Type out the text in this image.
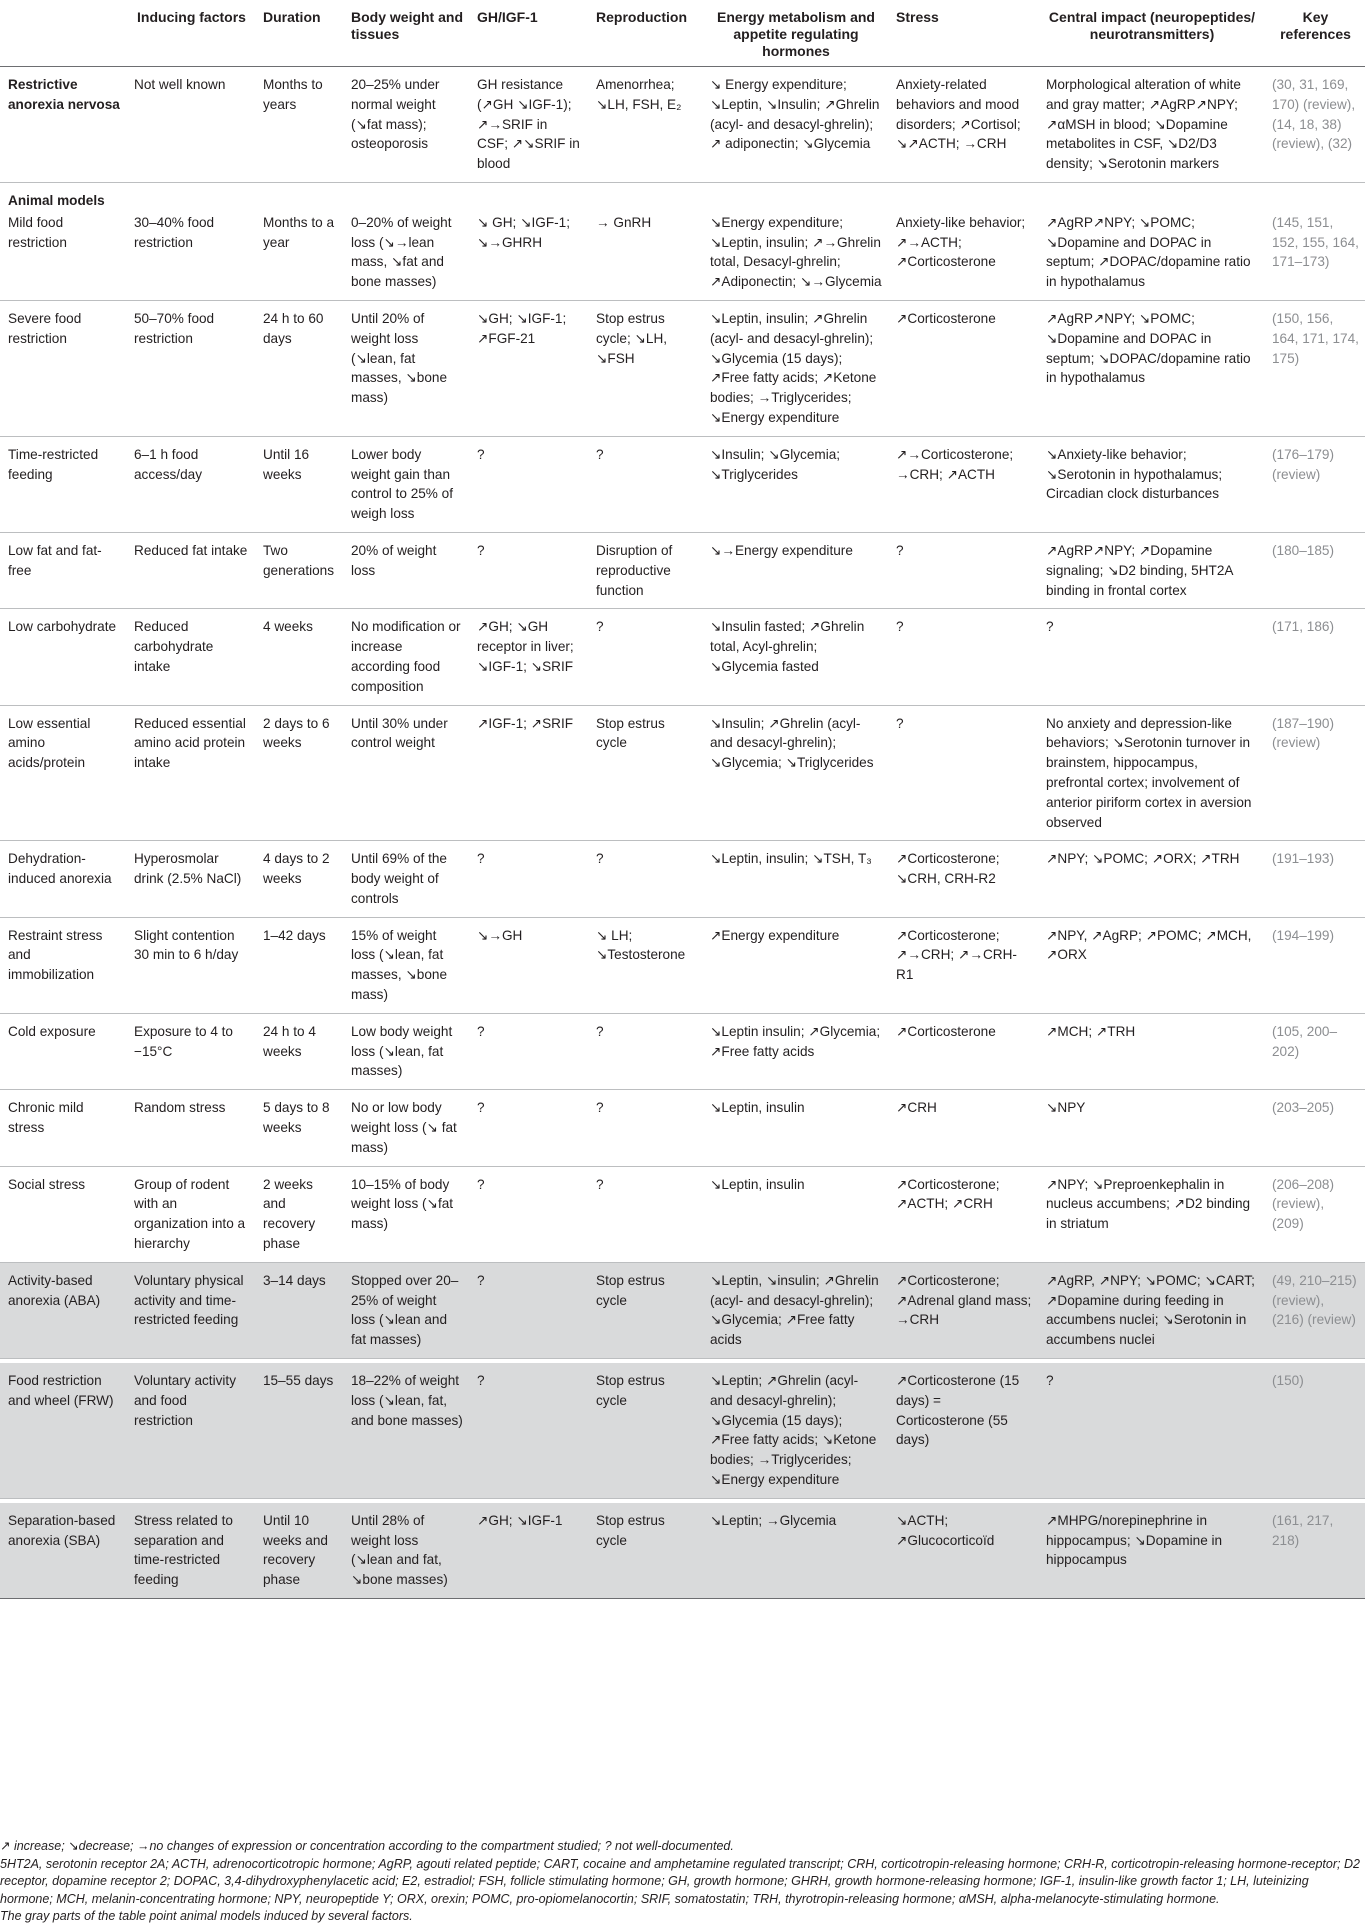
	Inducing factors	Duration	Body weight and tissues	GH/IGF-1	Reproduction	Energy metabolism and appetite regulating hormones	Stress	Central impact (neuropeptides/ neurotransmitters)	Key references
Restrictive anorexia nervosa	Not well known	Months to years	20–25% under normal weight (↘fat mass); osteoporosis	GH resistance (↗GH ↘IGF-1); ↗→SRIF in CSF; ↗↘SRIF in blood	Amenorrhea; ↘LH, FSH, E₂	↘ Energy expenditure; ↘Leptin, ↘Insulin; ↗Ghrelin (acyl- and desacyl-ghrelin); ↗ adiponectin; ↘Glycemia	Anxiety-related behaviors and mood disorders; ↗Cortisol; ↘↗ACTH; →CRH	Morphological alteration of white and gray matter; ↗AgRP↗NPY; ↗αMSH in blood; ↘Dopamine metabolites in CSF, ↘D2/D3 density; ↘Serotonin markers	(30, 31, 169, 170) (review), (14, 18, 38) (review), (32)
Animal models									
Mild food restriction	30–40% food restriction	Months to a year	0–20% of weight loss (↘→lean mass, ↘fat and bone masses)	↘ GH; ↘IGF-1; ↘→GHRH	→ GnRH	↘Energy expenditure; ↘Leptin, insulin; ↗→Ghrelin total, Desacyl-ghrelin; ↗Adiponectin; ↘→Glycemia	Anxiety-like behavior; ↗→ACTH; ↗Corticosterone	↗AgRP↗NPY; ↘POMC; ↘Dopamine and DOPAC in septum; ↗DOPAC/dopamine ratio in hypothalamus	(145, 151, 152, 155, 164, 171–173)
Severe food restriction	50–70% food restriction	24 h to 60 days	Until 20% of weight loss (↘lean, fat masses, ↘bone mass)	↘GH; ↘IGF-1; ↗FGF-21	Stop estrus cycle; ↘LH, ↘FSH	↘Leptin, insulin; ↗Ghrelin (acyl- and desacyl-ghrelin); ↘Glycemia (15 days); ↗Free fatty acids; ↗Ketone bodies; →Triglycerides; ↘Energy expenditure	↗Corticosterone	↗AgRP↗NPY; ↘POMC; ↘Dopamine and DOPAC in septum; ↘DOPAC/dopamine ratio in hypothalamus	(150, 156, 164, 171, 174, 175)
Time-restricted feeding	6–1 h food access/day	Until 16 weeks	Lower body weight gain than control to 25% of weigh loss	?	?	↘Insulin; ↘Glycemia; ↘Triglycerides	↗→Corticosterone; →CRH; ↗ACTH	↘Anxiety-like behavior; ↘Serotonin in hypothalamus; Circadian clock disturbances	(176–179) (review)
Low fat and fat-free	Reduced fat intake	Two generations	20% of weight loss	?	Disruption of reproductive function	↘→Energy expenditure	?	↗AgRP↗NPY; ↗Dopamine signaling; ↘D2 binding, 5HT2A binding in frontal cortex	(180–185)
Low carbohydrate	Reduced carbohydrate intake	4 weeks	No modification or increase according food composition	↗GH; ↘GH receptor in liver; ↘IGF-1; ↘SRIF	?	↘Insulin fasted; ↗Ghrelin total, Acyl-ghrelin; ↘Glycemia fasted	?	?	(171, 186)
Low essential amino acids/protein	Reduced essential amino acid protein intake	2 days to 6 weeks	Until 30% under control weight	↗IGF-1; ↗SRIF	Stop estrus cycle	↘Insulin; ↗Ghrelin (acyl- and desacyl-ghrelin); ↘Glycemia; ↘Triglycerides	?	No anxiety and depression-like behaviors; ↘Serotonin turnover in brainstem, hippocampus, prefrontal cortex; involvement of anterior piriform cortex in aversion observed	(187–190) (review)
Dehydration-induced anorexia	Hyperosmolar drink (2.5% NaCl)	4 days to 2 weeks	Until 69% of the body weight of controls	?	?	↘Leptin, insulin; ↘TSH, T₃	↗Corticosterone; ↘CRH, CRH-R2	↗NPY; ↘POMC; ↗ORX; ↗TRH	(191–193)
Restraint stress and immobilization	Slight contention 30 min to 6 h/day	1–42 days	15% of weight loss (↘lean, fat masses, ↘bone mass)	↘→GH	↘ LH; ↘Testosterone	↗Energy expenditure	↗Corticosterone; ↗→CRH; ↗→CRH-R1	↗NPY, ↗AgRP; ↗POMC; ↗MCH, ↗ORX	(194–199)
Cold exposure	Exposure to 4 to −15°C	24 h to 4 weeks	Low body weight loss (↘lean, fat masses)	?	?	↘Leptin insulin; ↗Glycemia; ↗Free fatty acids	↗Corticosterone	↗MCH; ↗TRH	(105, 200–202)
Chronic mild stress	Random stress	5 days to 8 weeks	No or low body weight loss (↘ fat mass)	?	?	↘Leptin, insulin	↗CRH	↘NPY	(203–205)
Social stress	Group of rodent with an organization into a hierarchy	2 weeks and recovery phase	10–15% of body weight loss (↘fat mass)	?	?	↘Leptin, insulin	↗Corticosterone; ↗ACTH; ↗CRH	↗NPY; ↘Preproenkephalin in nucleus accumbens; ↗D2 binding in striatum	(206–208) (review), (209)
Activity-based anorexia (ABA)	Voluntary physical activity and time-restricted feeding	3–14 days	Stopped over 20–25% of weight loss (↘lean and fat masses)	?	Stop estrus cycle	↘Leptin, ↘insulin; ↗Ghrelin (acyl- and desacyl-ghrelin); ↘Glycemia; ↗Free fatty acids	↗Corticosterone; ↗Adrenal gland mass; →CRH	↗AgRP, ↗NPY; ↘POMC; ↘CART; ↗Dopamine during feeding in accumbens nuclei; ↘Serotonin in accumbens nuclei	(49, 210–215) (review), (216) (review)

Food restriction and wheel (FRW)	Voluntary activity and food restriction	15–55 days	18–22% of weight loss (↘lean, fat, and bone masses)	?	Stop estrus cycle	↘Leptin; ↗Ghrelin (acyl- and desacyl-ghrelin); ↘Glycemia (15 days); ↗Free fatty acids; ↘Ketone bodies; →Triglycerides; ↘Energy expenditure	↗Corticosterone (15 days) = Corticosterone (55 days)	?	(150)

Separation-based anorexia (SBA)	Stress related to separation and time-restricted feeding	Until 10 weeks and recovery phase	Until 28% of weight loss (↘lean and fat, ↘bone masses)	↗GH; ↘IGF-1	Stop estrus cycle	↘Leptin; →Glycemia	↘ACTH; ↗Glucocorticoïd	↗MHPG/norepinephrine in hippocampus; ↘Dopamine in hippocampus	(161, 217, 218)
↗ increase; ↘decrease; →no changes of expression or concentration according to the compartment studied; ? not well-documented.
5HT2A, serotonin receptor 2A; ACTH, adrenocorticotropic hormone; AgRP, agouti related peptide; CART, cocaine and amphetamine regulated transcript; CRH, corticotropin-releasing hormone; CRH-R, corticotropin-releasing hormone-receptor; D2 receptor, dopamine receptor 2; DOPAC, 3,4-dihydroxyphenylacetic acid; E2, estradiol; FSH, follicle stimulating hormone; GH, growth hormone; GHRH, growth hormone-releasing hormone; IGF-1, insulin-like growth factor 1; LH, luteinizing hormone; MCH, melanin-concentrating hormone; NPY, neuropeptide Y; ORX, orexin; POMC, pro-opiomelanocortin; SRIF, somatostatin; TRH, thyrotropin-releasing hormone; αMSH, alpha-melanocyte-stimulating hormone.
The gray parts of the table point animal models induced by several factors.
